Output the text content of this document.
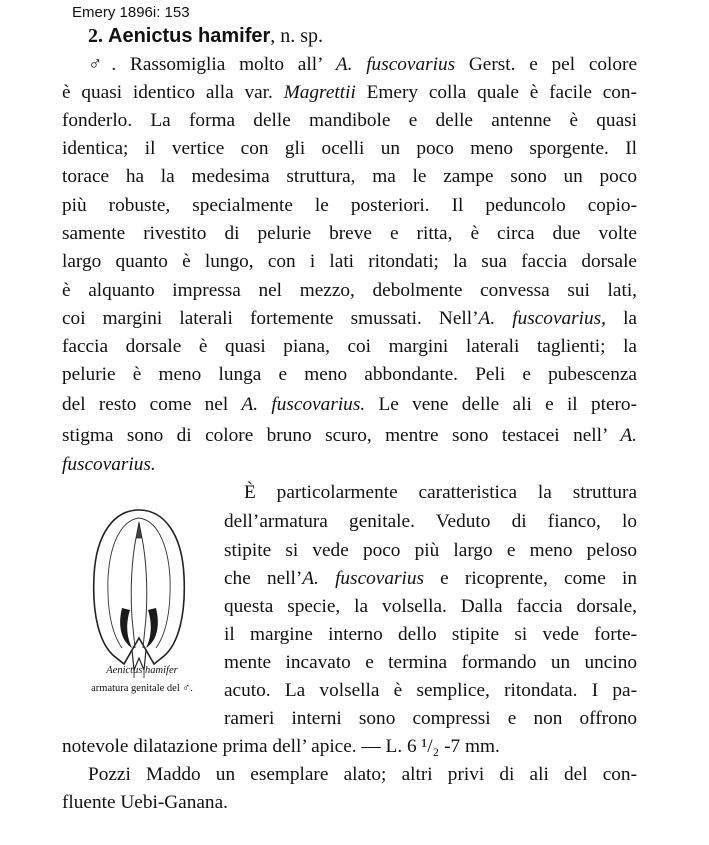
Emery 1896i: 153
2. Aenictus hamifer, n. sp.
♂. Rassomiglia molto all’ A. fuscovarius Gerst. e pel colore
è quasi identico alla var. Magrettii Emery colla quale è facile con-
fonderlo. La forma delle mandibole e delle antenne è quasi
identica; il vertice con gli ocelli un poco meno sporgente. Il
torace ha la medesima struttura, ma le zampe sono un poco
più robuste, specialmente le posteriori. Il peduncolo copio-
samente rivestito di pelurie breve e ritta, è circa due volte
largo quanto è lungo, con i lati ritondati; la sua faccia dorsale
è alquanto impressa nel mezzo, debolmente convessa sui lati,
coi margini laterali fortemente smussati. Nell’A. fuscovarius, la
faccia dorsale è quasi piana, coi margini laterali taglienti; la
pelurie è meno lunga e meno abbondante. Peli e pubescenza
del resto come nel A. fuscovarius. Le vene delle ali e il ptero-
stigma sono di colore bruno scuro, mentre sono testacei nell’ A.
fuscovarius.
È particolarmente caratteristica la struttura
dell’armatura genitale. Veduto di fianco, lo
stipite si vede poco più largo e meno peloso
che nell’A. fuscovarius e ricoprente, come in
questa specie, la volsella. Dalla faccia dorsale,
il margine interno dello stipite si vede forte-
mente incavato e termina formando un uncino
acuto. La volsella è semplice, ritondata. I pa-
rameri interni sono compressi e non offrono
notevole dilatazione prima dell’ apice. — L. 6 ¹/₂ -7 mm.
Pozzi Maddo un esemplare alato; altri privi di ali del con-
fluente Uebi-Ganana.
Aenictus hamifer
armatura genitale del ♂.
